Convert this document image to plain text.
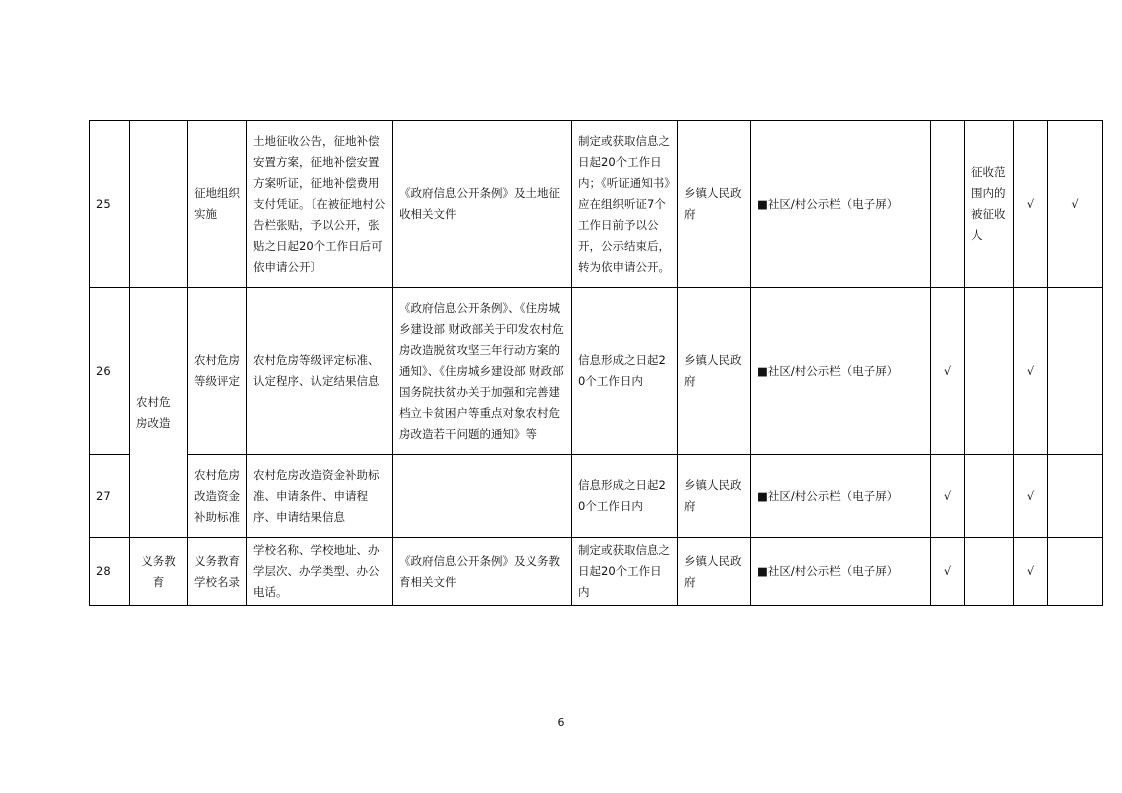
25		征地组织实施	土地征收公告，征地补偿安置方案，征地补偿安置方案听证，征地补偿费用支付凭证。〔在被征地村公告栏张贴，予以公开，张贴之日起20个工作日后可依申请公开〕	《政府信息公开条例》及土地征收相关文件	制定或获取信息之日起20个工作日内；《听证通知书》应在组织听证7个工作日前予以公开，公示结束后，转为依申请公开。	乡镇人民政府	■社区/村公示栏（电子屏）		征收范围内的被征收人	√	√
26	农村危房改造	农村危房等级评定	农村危房等级评定标准、认定程序、认定结果信息	《政府信息公开条例》、《住房城乡建设部 财政部关于印发农村危房改造脱贫攻坚三年行动方案的通知》、《住房城乡建设部 财政部 国务院扶贫办关于加强和完善建档立卡贫困户等重点对象农村危房改造若干问题的通知》等	信息形成之日起20个工作日内	乡镇人民政府	■社区/村公示栏（电子屏）	√		√	
27		农村危房改造资金补助标准	农村危房改造资金补助标准、申请条件、申请程序、申请结果信息		信息形成之日起20个工作日内	乡镇人民政府	■社区/村公示栏（电子屏）	√		√	
28	义务教育	义务教育学校名录	学校名称、学校地址、办学层次、办学类型、办公电话。	《政府信息公开条例》及义务教育相关文件	制定或获取信息之日起20个工作日内	乡镇人民政府	■社区/村公示栏（电子屏）	√		√	
6
